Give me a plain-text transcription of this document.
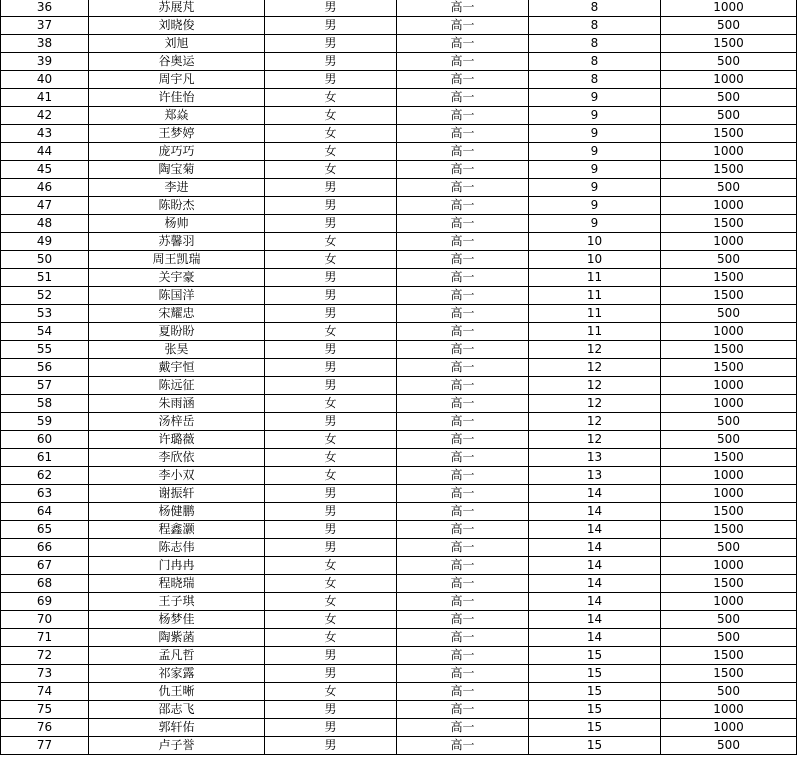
36	苏展芃	男	高一	8	1000
37	刘晓俊	男	高一	8	500
38	刘旭	男	高一	8	1500
39	谷奥运	男	高一	8	500
40	周宇凡	男	高一	8	1000
41	许佳怡	女	高一	9	500
42	郑焱	女	高一	9	500
43	王梦婷	女	高一	9	1500
44	庞巧巧	女	高一	9	1000
45	陶宝菊	女	高一	9	1500
46	李进	男	高一	9	500
47	陈盼杰	男	高一	9	1000
48	杨帅	男	高一	9	1500
49	苏馨羽	女	高一	10	1000
50	周王凯瑞	女	高一	10	500
51	关宇豪	男	高一	11	1500
52	陈国洋	男	高一	11	1500
53	宋耀忠	男	高一	11	500
54	夏盼盼	女	高一	11	1000
55	张昊	男	高一	12	1500
56	戴宇恒	男	高一	12	1500
57	陈远征	男	高一	12	1000
58	朱雨涵	女	高一	12	1000
59	汤梓岳	男	高一	12	500
60	许璐薇	女	高一	12	500
61	李欣依	女	高一	13	1500
62	李小双	女	高一	13	1000
63	谢振轩	男	高一	14	1000
64	杨健鹏	男	高一	14	1500
65	程鑫灏	男	高一	14	1500
66	陈志伟	男	高一	14	500
67	门冉冉	女	高一	14	1000
68	程晓瑞	女	高一	14	1500
69	王子琪	女	高一	14	1000
70	杨梦佳	女	高一	14	500
71	陶紫菡	女	高一	14	500
72	孟凡哲	男	高一	15	1500
73	祁家露	男	高一	15	1500
74	仇王晰	女	高一	15	500
75	邵志飞	男	高一	15	1000
76	郭轩佑	男	高一	15	1000
77	卢子誉	男	高一	15	500
